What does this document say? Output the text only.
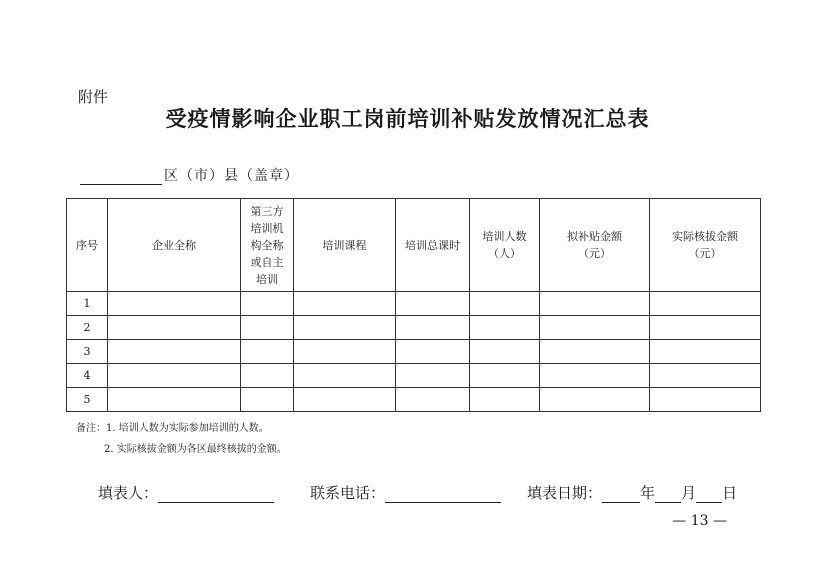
附件
受疫情影响企业职工岗前培训补贴发放情况汇总表
区（市）县（盖章）
序号	企业全称	第三方培训机构全称或自主培训	培训课程	培训总课时	培训人数（人）	拟补贴金额（元）	实际核拔金额（元）
1							
2							
3							
4							
5							
备注：1. 培训人数为实际参加培训的人数。
2. 实际核拔金额为各区最终核拔的金额。
填表人：	联系电话：	填表日期：	年 月 日
— 13 —
